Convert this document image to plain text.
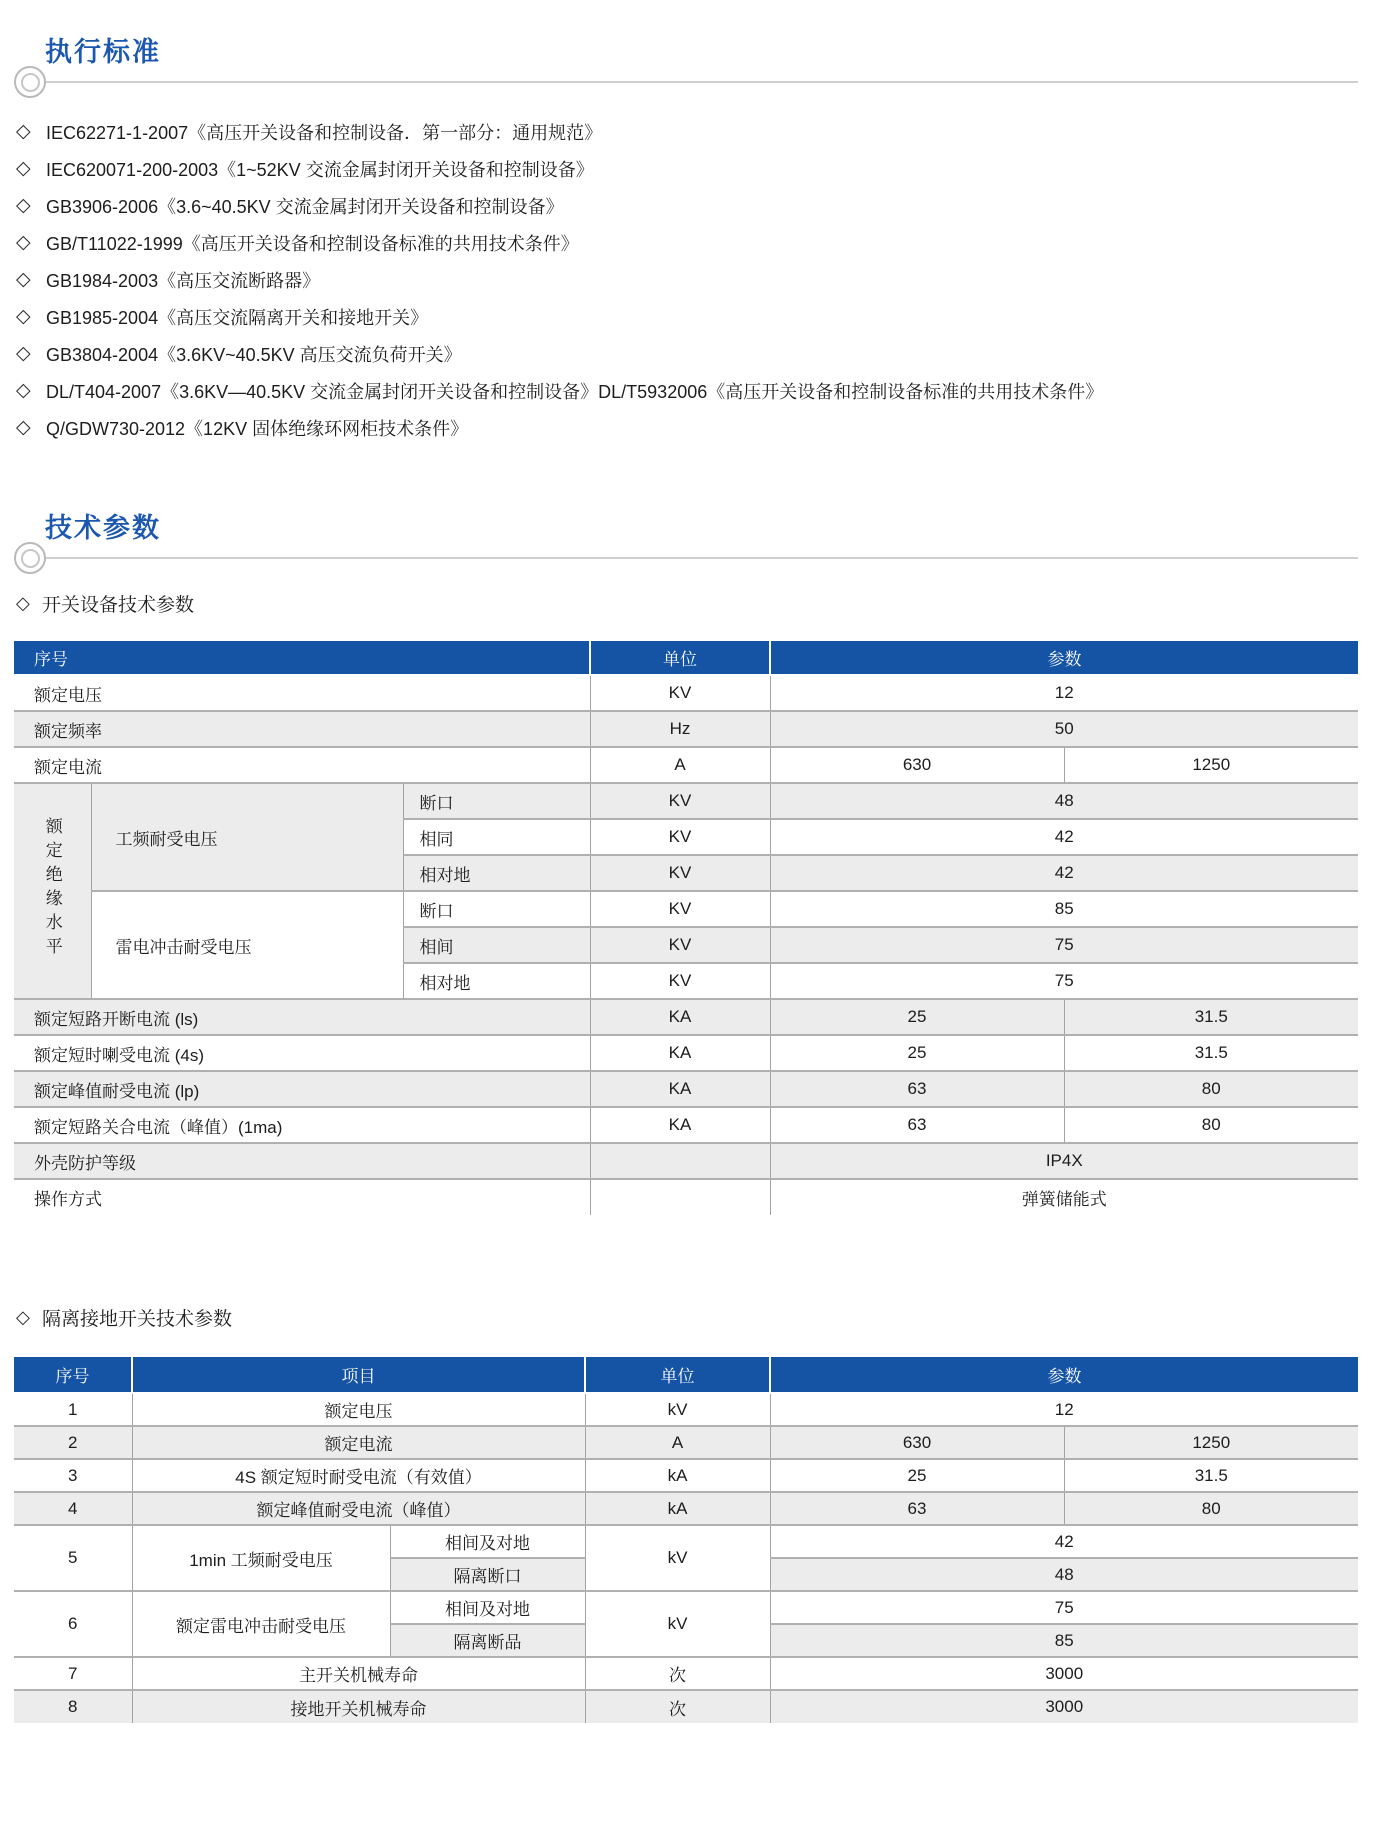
执行标准
◇ IEC62271-1-2007《高压开关设备和控制设备．第一部分：通用规范》
◇ IEC620071-200-2003《1~52KV 交流金属封闭开关设备和控制设备》
◇ GB3906-2006《3.6~40.5KV 交流金属封闭开关设备和控制设备》
◇ GB/T11022-1999《高压开关设备和控制设备标准的共用技术条件》
◇ GB1984-2003《高压交流断路器》
◇ GB1985-2004《高压交流隔离开关和接地开关》
◇ GB3804-2004《3.6KV~40.5KV 高压交流负荷开关》
◇ DL/T404-2007《3.6KV—40.5KV 交流金属封闭开关设备和控制设备》DL/T5932006《高压开关设备和控制设备标准的共用技术条件》
◇ Q/GDW730-2012《12KV 固体绝缘环网柜技术条件》
技术参数
◇ 开关设备技术参数
序号			单位	参数	
额定电压			KV	12	
额定频率			Hz	50	
额定电流			A	630	1250
额定绝缘水平	工频耐受电压	断口	KV	48	
		相同	KV	42	
		相对地	KV	42	
	雷电冲击耐受电压	断口	KV	85	
		相间	KV	75	
		相对地	KV	75	
额定短路开断电流 (ls)			KA	25	31.5
额定短时喇受电流 (4s)			KA	25	31.5
额定峰值耐受电流 (lp)			KA	63	80
额定短路关合电流（峰值）(1ma)			KA	63	80
外壳防护等级				IP4X	
操作方式				弹簧储能式	
◇ 隔离接地开关技术参数
序号	项目		单位	参数	
1	额定电压		kV	12	
2	额定电流		A	630	1250
3	4S 额定短时耐受电流（有效值）		kA	25	31.5
4	额定峰值耐受电流（峰值）		kA	63	80
5	1min 工频耐受电压	相间及对地	kV	42	
		隔离断口		48	
6	额定雷电冲击耐受电压	相间及对地	kV	75	
		隔离断品		85	
7	主开关机械寿命		次	3000	
8	接地开关机械寿命		次	3000	
